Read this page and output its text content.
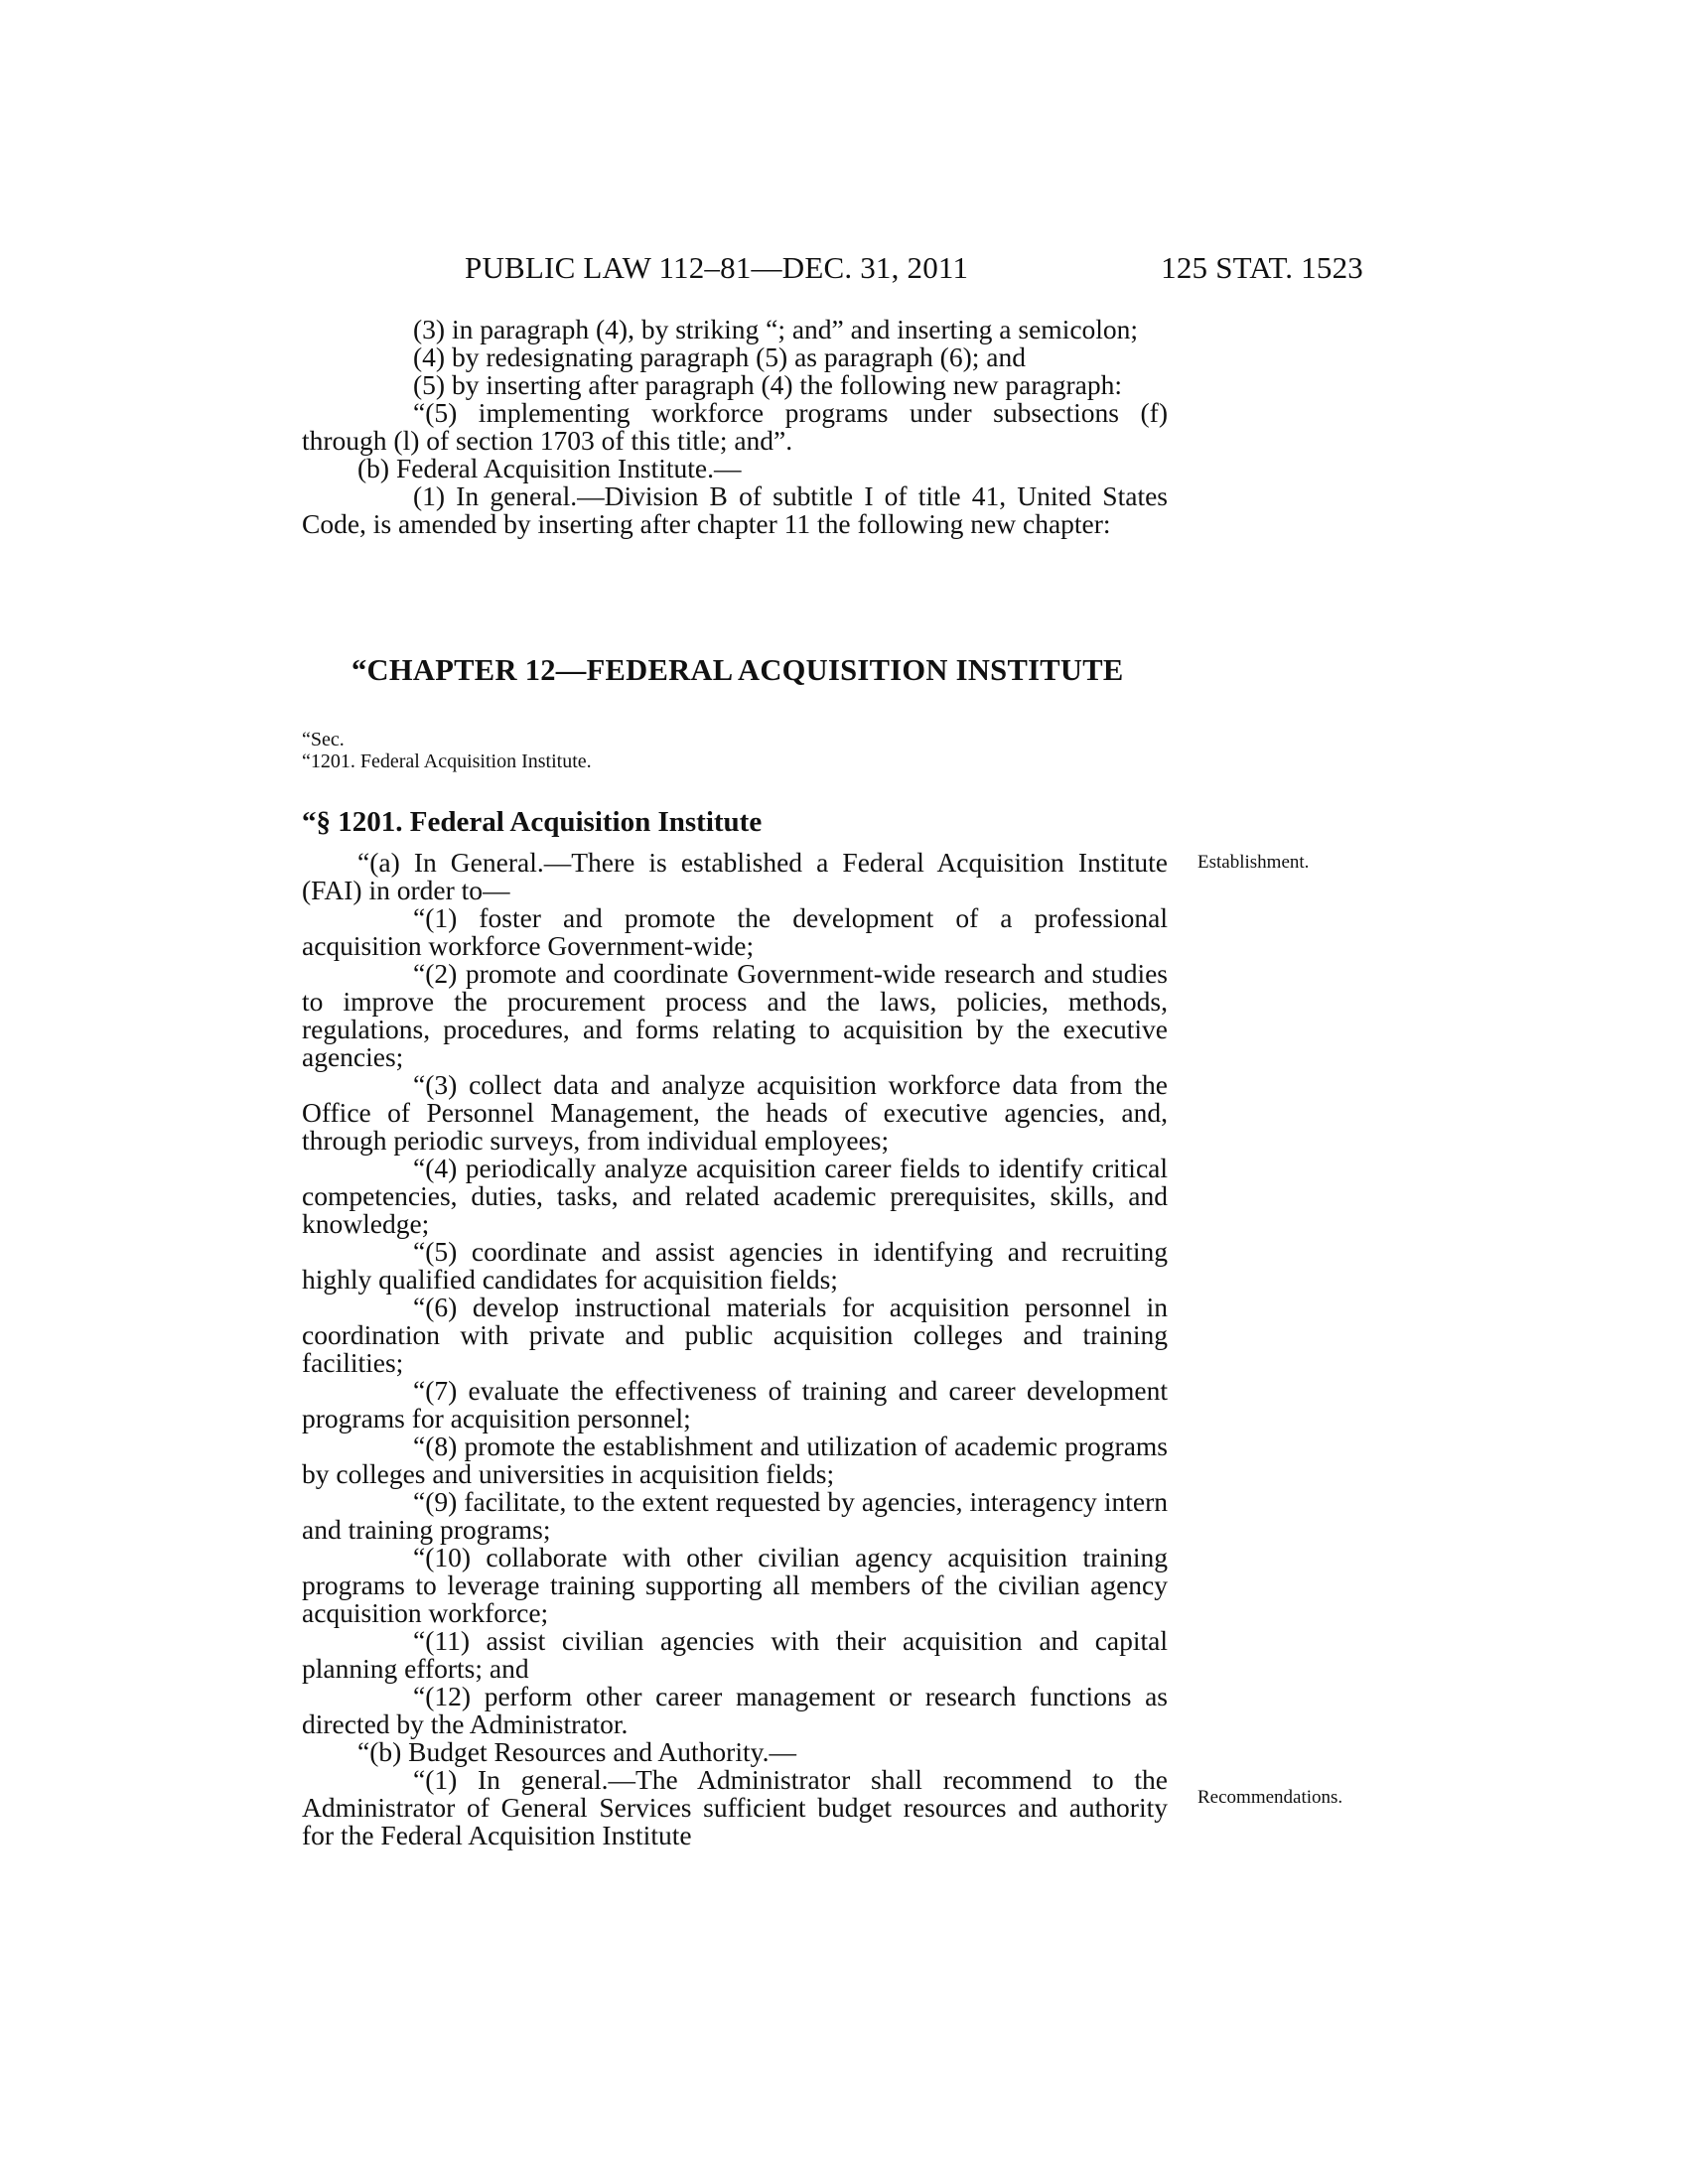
PUBLIC LAW 112–81—DEC. 31, 2011	125 STAT. 1523

(3) in paragraph (4), by striking “; and” and inserting a semicolon;

(4) by redesignating paragraph (5) as paragraph (6); and

(5) by inserting after paragraph (4) the following new paragraph:

“(5) implementing workforce programs under subsections (f) through (l) of section 1703 of this title; and”.

(b) Federal Acquisition Institute.—

(1) In general.—Division B of subtitle I of title 41, United States Code, is amended by inserting after chapter 11 the following new chapter:

“CHAPTER 12—FEDERAL ACQUISITION INSTITUTE
“Sec.
“1201. Federal Acquisition Institute.
“§ 1201. Federal Acquisition Institute

“(a) In General.—There is established a Federal Acquisition Institute (FAI) in order to—

“(1) foster and promote the development of a professional acquisition workforce Government-wide;

“(2) promote and coordinate Government-wide research and studies to improve the procurement process and the laws, policies, methods, regulations, procedures, and forms relating to acquisition by the executive agencies;

“(3) collect data and analyze acquisition workforce data from the Office of Personnel Management, the heads of executive agencies, and, through periodic surveys, from individual employees;

“(4) periodically analyze acquisition career fields to identify critical competencies, duties, tasks, and related academic prerequisites, skills, and knowledge;

“(5) coordinate and assist agencies in identifying and recruiting highly qualified candidates for acquisition fields;

“(6) develop instructional materials for acquisition personnel in coordination with private and public acquisition colleges and training facilities;

“(7) evaluate the effectiveness of training and career development programs for acquisition personnel;

“(8) promote the establishment and utilization of academic programs by colleges and universities in acquisition fields;

“(9) facilitate, to the extent requested by agencies, interagency intern and training programs;

“(10) collaborate with other civilian agency acquisition training programs to leverage training supporting all members of the civilian agency acquisition workforce;

“(11) assist civilian agencies with their acquisition and capital planning efforts; and

“(12) perform other career management or research functions as directed by the Administrator.

“(b) Budget Resources and Authority.—

“(1) In general.—The Administrator shall recommend to the Administrator of General Services sufficient budget resources and authority for the Federal Acquisition Institute

Establishment.
Recommendations.
